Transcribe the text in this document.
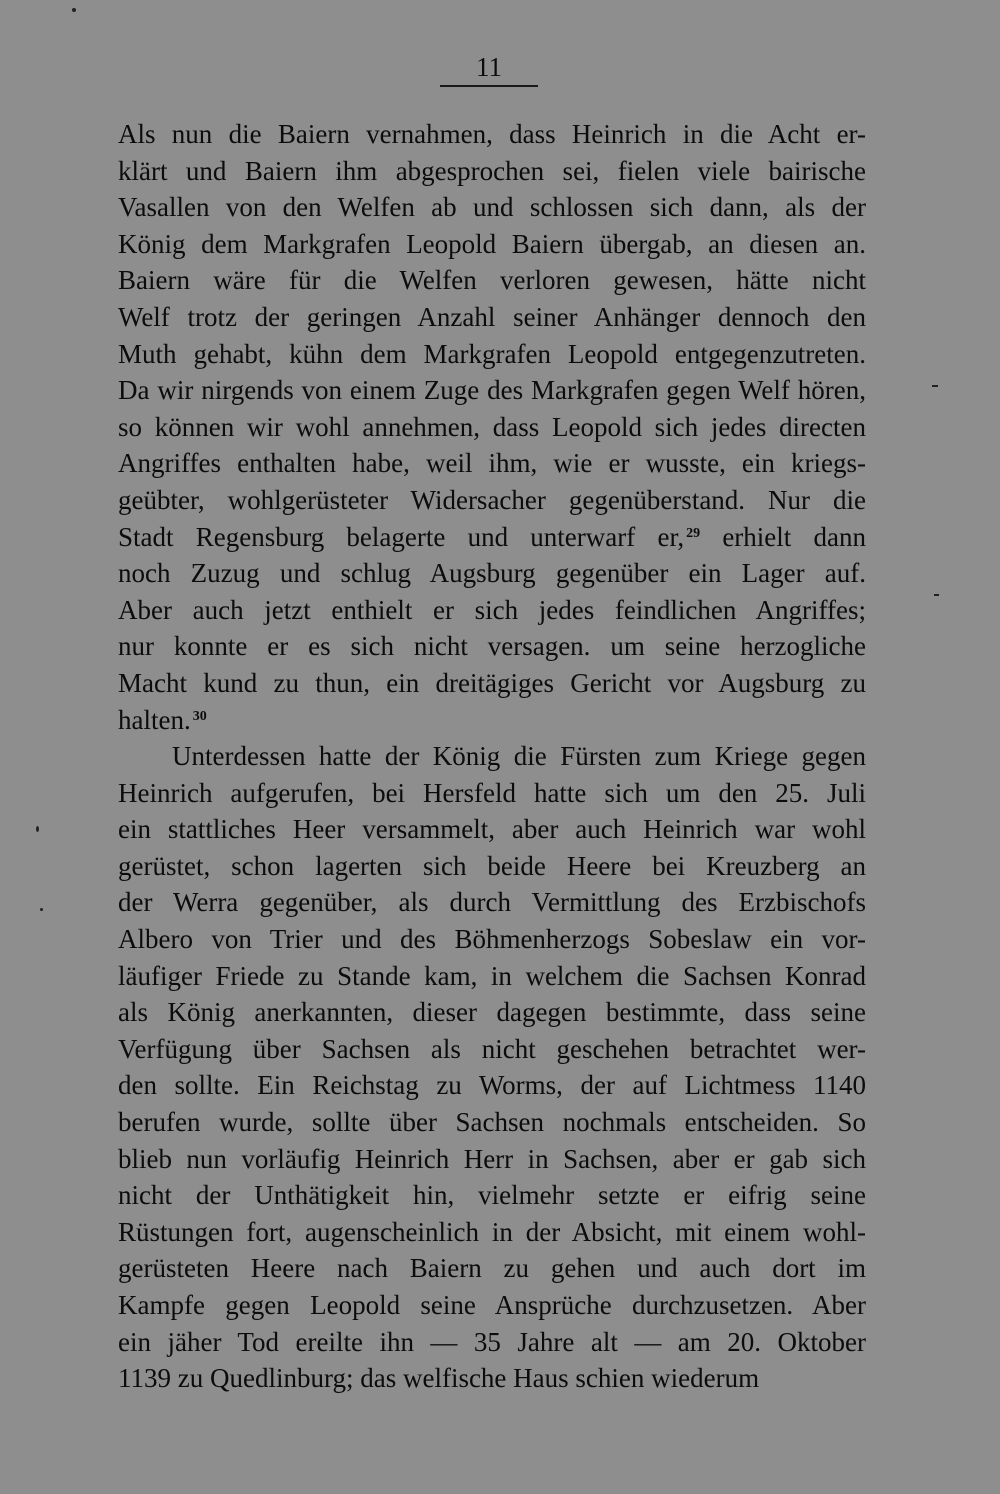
11
Als nun die Baiern vernahmen, dass Heinrich in die Acht er-
klärt und Baiern ihm abgesprochen sei, fielen viele bairische
Vasallen von den Welfen ab und schlossen sich dann, als der
König dem Markgrafen Leopold Baiern übergab, an diesen an.
Baiern wäre für die Welfen verloren gewesen, hätte nicht
Welf trotz der geringen Anzahl seiner Anhänger dennoch den
Muth gehabt, kühn dem Markgrafen Leopold entgegenzutreten.
Da wir nirgends von einem Zuge des Markgrafen gegen Welf hören,
so können wir wohl annehmen, dass Leopold sich jedes directen
Angriffes enthalten habe, weil ihm, wie er wusste, ein kriegs-
geübter, wohlgerüsteter Widersacher gegenüberstand. Nur die
Stadt Regensburg belagerte und unterwarf er, $^{29}$ erhielt dann
noch Zuzug und schlug Augsburg gegenüber ein Lager auf.
Aber auch jetzt enthielt er sich jedes feindlichen Angriffes;
nur konnte er es sich nicht versagen. um seine herzogliche
Macht kund zu thun, ein dreitägiges Gericht vor Augsburg zu
halten. $^{30}$
Unterdessen hatte der König die Fürsten zum Kriege gegen
Heinrich aufgerufen, bei Hersfeld hatte sich um den 25. Juli
ein stattliches Heer versammelt, aber auch Heinrich war wohl
gerüstet, schon lagerten sich beide Heere bei Kreuzberg an
der Werra gegenüber, als durch Vermittlung des Erzbischofs
Albero von Trier und des Böhmenherzogs Sobeslaw ein vor-
läufiger Friede zu Stande kam, in welchem die Sachsen Konrad
als König anerkannten, dieser dagegen bestimmte, dass seine
Verfügung über Sachsen als nicht geschehen betrachtet wer-
den sollte. Ein Reichstag zu Worms, der auf Lichtmess 1140
berufen wurde, sollte über Sachsen nochmals entscheiden. So
blieb nun vorläufig Heinrich Herr in Sachsen, aber er gab sich
nicht der Unthätigkeit hin, vielmehr setzte er eifrig seine
Rüstungen fort, augenscheinlich in der Absicht, mit einem wohl-
gerüsteten Heere nach Baiern zu gehen und auch dort im
Kampfe gegen Leopold seine Ansprüche durchzusetzen. Aber
ein jäher Tod ereilte ihn — 35 Jahre alt — am 20. Oktober
1139 zu Quedlinburg; das welfische Haus schien wiederum
